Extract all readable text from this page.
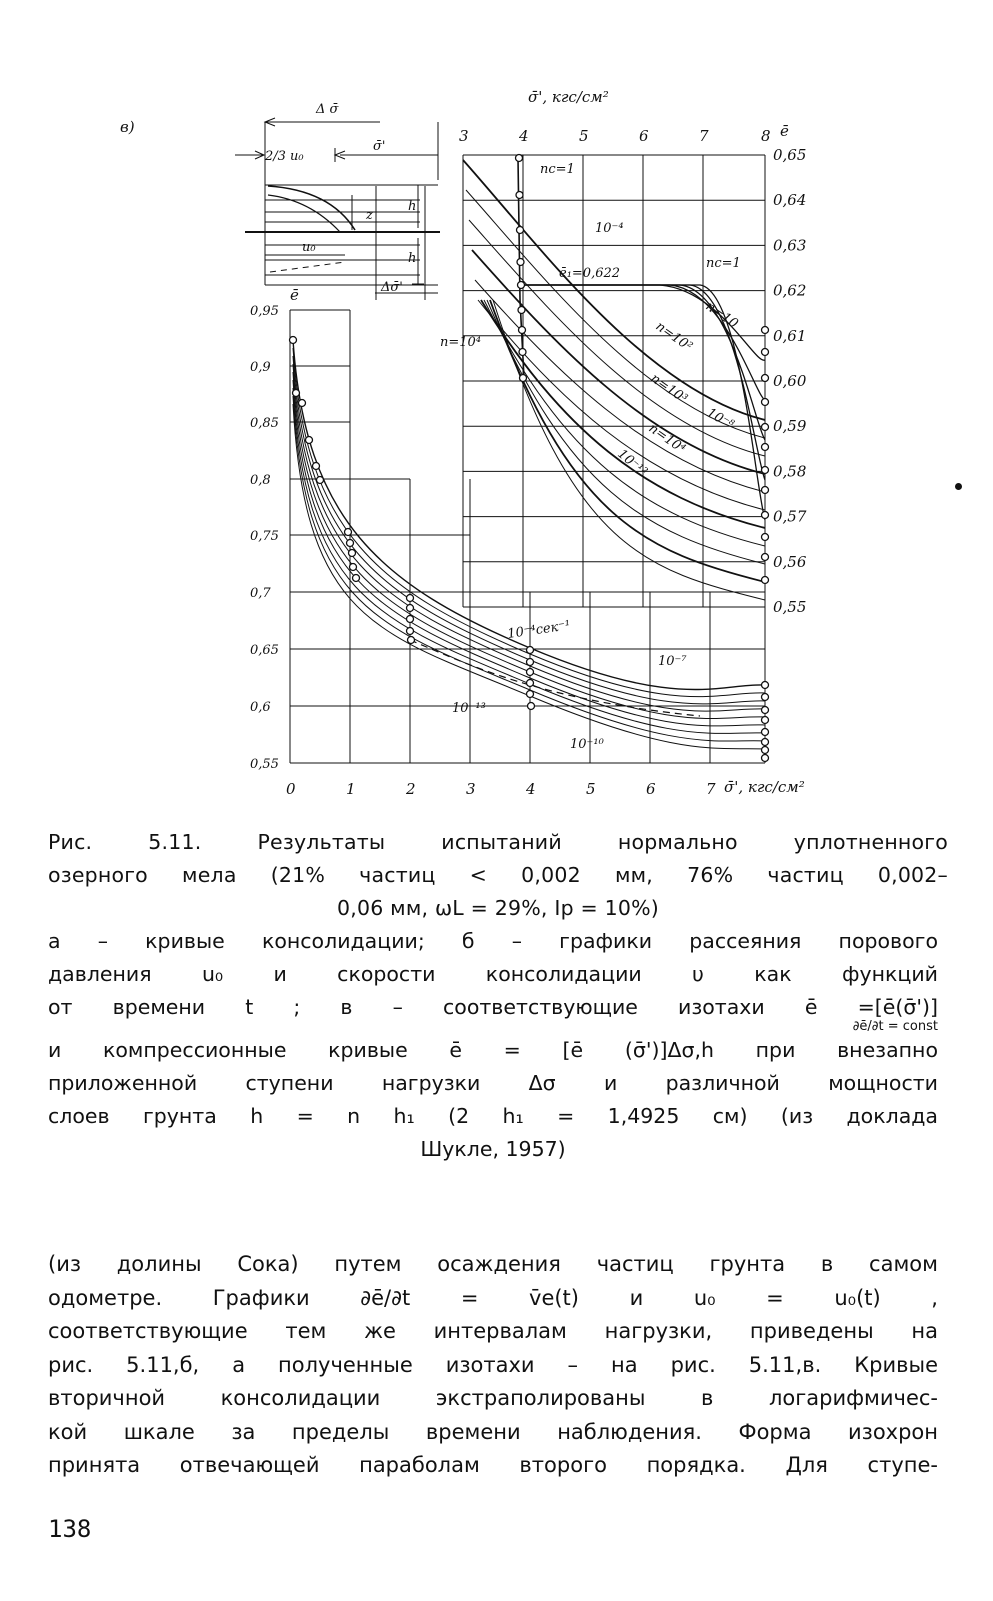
в)
Δ σ̄
2/3 u₀
σ̄'
z
h
h
u₀
Δσ̄'
σ̄', кгс/см²
3	4	5	6	7	8 ē
0,65
0,64
0,63
0,62
0,61
0,60
0,59
0,58
0,57
0,56
0,55
nc=1
10⁻⁴
ē₁=0,622
nc=1
n=10⁴
n=10
n=10²
n=10³
10⁻⁸
n=10⁴
10⁻¹²
ē
0,95
0,9
0,85
0,8
0,75
0,7
0,65
0,6
0,55
0	1	2	3	4	5	6	7 σ̄', кгс/см²
10⁻⁴сек⁻¹
10⁻⁷
10⁻¹³
10⁻¹⁰
Рис. 5.11. Результаты испытаний нормально уплотненного
озерного мела (21% частиц < 0,002 мм, 76% частиц 0,002–
0,06 мм, ωL = 29%, Ip = 10%)
а – кривые консолидации; б – графики рассеяния порового
давления u₀ и скорости консолидации υ как функций
от времени t ; в – соответствующие изотахи ē =[ē(σ̄')]
∂ē/∂t = const
и компрессионные кривые ē = [ē (σ̄')]Δσ,h при внезапно
приложенной ступени нагрузки Δσ и различной мощности
слоев грунта h = n h₁ (2 h₁ = 1,4925 см) (из доклада
Шукле, 1957)
(из долины Сока) путем осаждения частиц грунта в самом
одометре. Графики ∂ē/∂t = v̄e(t) и u₀ = u₀(t) ,
соответствующие тем же интервалам нагрузки, приведены на
рис. 5.11,б, а полученные изотахи – на рис. 5.11,в. Кривые
вторичной консолидации экстраполированы в логарифмичес-
кой шкале за пределы времени наблюдения. Форма изохрон
принята отвечающей параболам второго порядка. Для ступе-
138
